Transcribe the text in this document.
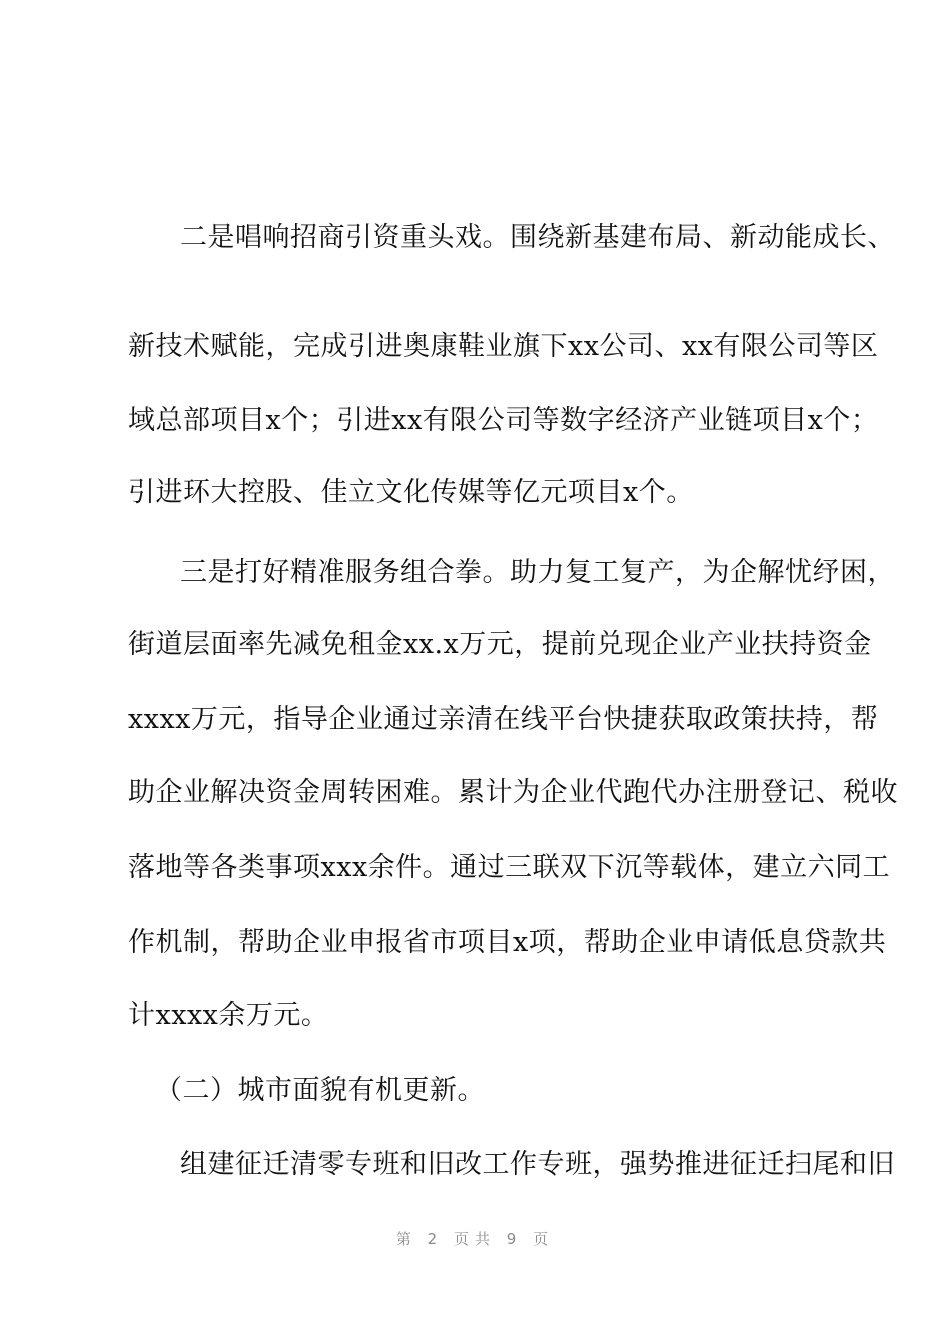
二是唱响招商引资重头戏。围绕新基建布局、新动能成长、
新技术赋能，完成引进奥康鞋业旗下xx公司、xx有限公司等区
域总部项目x个；引进xx有限公司等数字经济产业链项目x个；
引进环大控股、佳立文化传媒等亿元项目x个。
三是打好精准服务组合拳。助力复工复产，为企解忧纾困，
街道层面率先减免租金xx.x万元，提前兑现企业产业扶持资金
xxxx万元，指导企业通过亲清在线平台快捷获取政策扶持，帮
助企业解决资金周转困难。累计为企业代跑代办注册登记、税收
落地等各类事项xxx余件。通过三联双下沉等载体，建立六同工
作机制，帮助企业申报省市项目x项，帮助企业申请低息贷款共
计xxxx余万元。
（二）城市面貌有机更新。
组建征迁清零专班和旧改工作专班，强势推进征迁扫尾和旧
第 2 页共 9 页
